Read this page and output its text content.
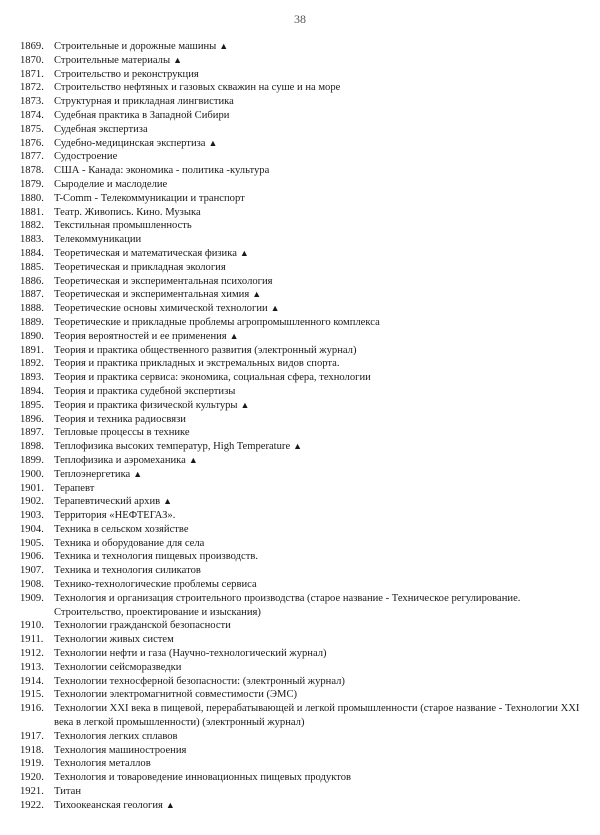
38
1869. Строительные и дорожные машины ▲
1870. Строительные материалы ▲
1871. Строительство и реконструкция
1872. Строительство нефтяных и газовых скважин на суше и на море
1873. Структурная и прикладная лингвистика
1874. Судебная практика в Западной Сибири
1875. Судебная экспертиза
1876. Судебно-медицинская экспертиза ▲
1877. Судостроение
1878. США - Канада: экономика - политика -культура
1879. Сыроделие и маслоделие
1880. T-Comm - Телекоммуникации и транспорт
1881. Театр. Живопись. Кино. Музыка
1882. Текстильная промышленность
1883. Телекоммуникации
1884. Теоретическая и математическая физика ▲
1885. Теоретическая и прикладная экология
1886. Теоретическая и экспериментальная психология
1887. Теоретическая и экспериментальная химия ▲
1888. Теоретические основы химической технологии ▲
1889. Теоретические и прикладные проблемы агропромышленного комплекса
1890. Теория вероятностей и ее применения ▲
1891. Теория и практика общественного развития (электронный журнал)
1892. Теория и практика прикладных и экстремальных видов спорта.
1893. Теория и практика сервиса: экономика, социальная сфера, технологии
1894. Теория и практика судебной экспертизы
1895. Теория и практика физической культуры ▲
1896. Теория и техника радиосвязи
1897. Тепловые процессы в технике
1898. Теплофизика высоких температур, High Temperature ▲
1899. Теплофизика и аэромеханика ▲
1900. Теплоэнергетика ▲
1901. Терапевт
1902. Терапевтический архив ▲
1903. Территория «НЕФТЕГАЗ».
1904. Техника в сельском хозяйстве
1905. Техника и оборудование для села
1906. Техника и технология пищевых производств.
1907. Техника и технология силикатов
1908. Технико-технологические проблемы сервиса
1909. Технология и организация строительного производства (старое название - Техническое регулирование. Строительство, проектирование и изыскания)
1910. Технологии гражданской безопасности
1911. Технологии живых систем
1912. Технологии нефти и газа (Научно-технологический журнал)
1913. Технологии сейсморазведки
1914. Технологии техносферной безопасности: (электронный журнал)
1915. Технологии электромагнитной совместимости (ЭМС)
1916. Технологии XXI века в пищевой, перерабатывающей и легкой промышленности (старое название - Технологии XXI века в легкой промышленности) (электронный журнал)
1917. Технология легких сплавов
1918. Технология машиностроения
1919. Технология металлов
1920. Технология и товароведение инновационных пищевых продуктов
1921. Титан
1922. Тихоокеанская геология ▲
